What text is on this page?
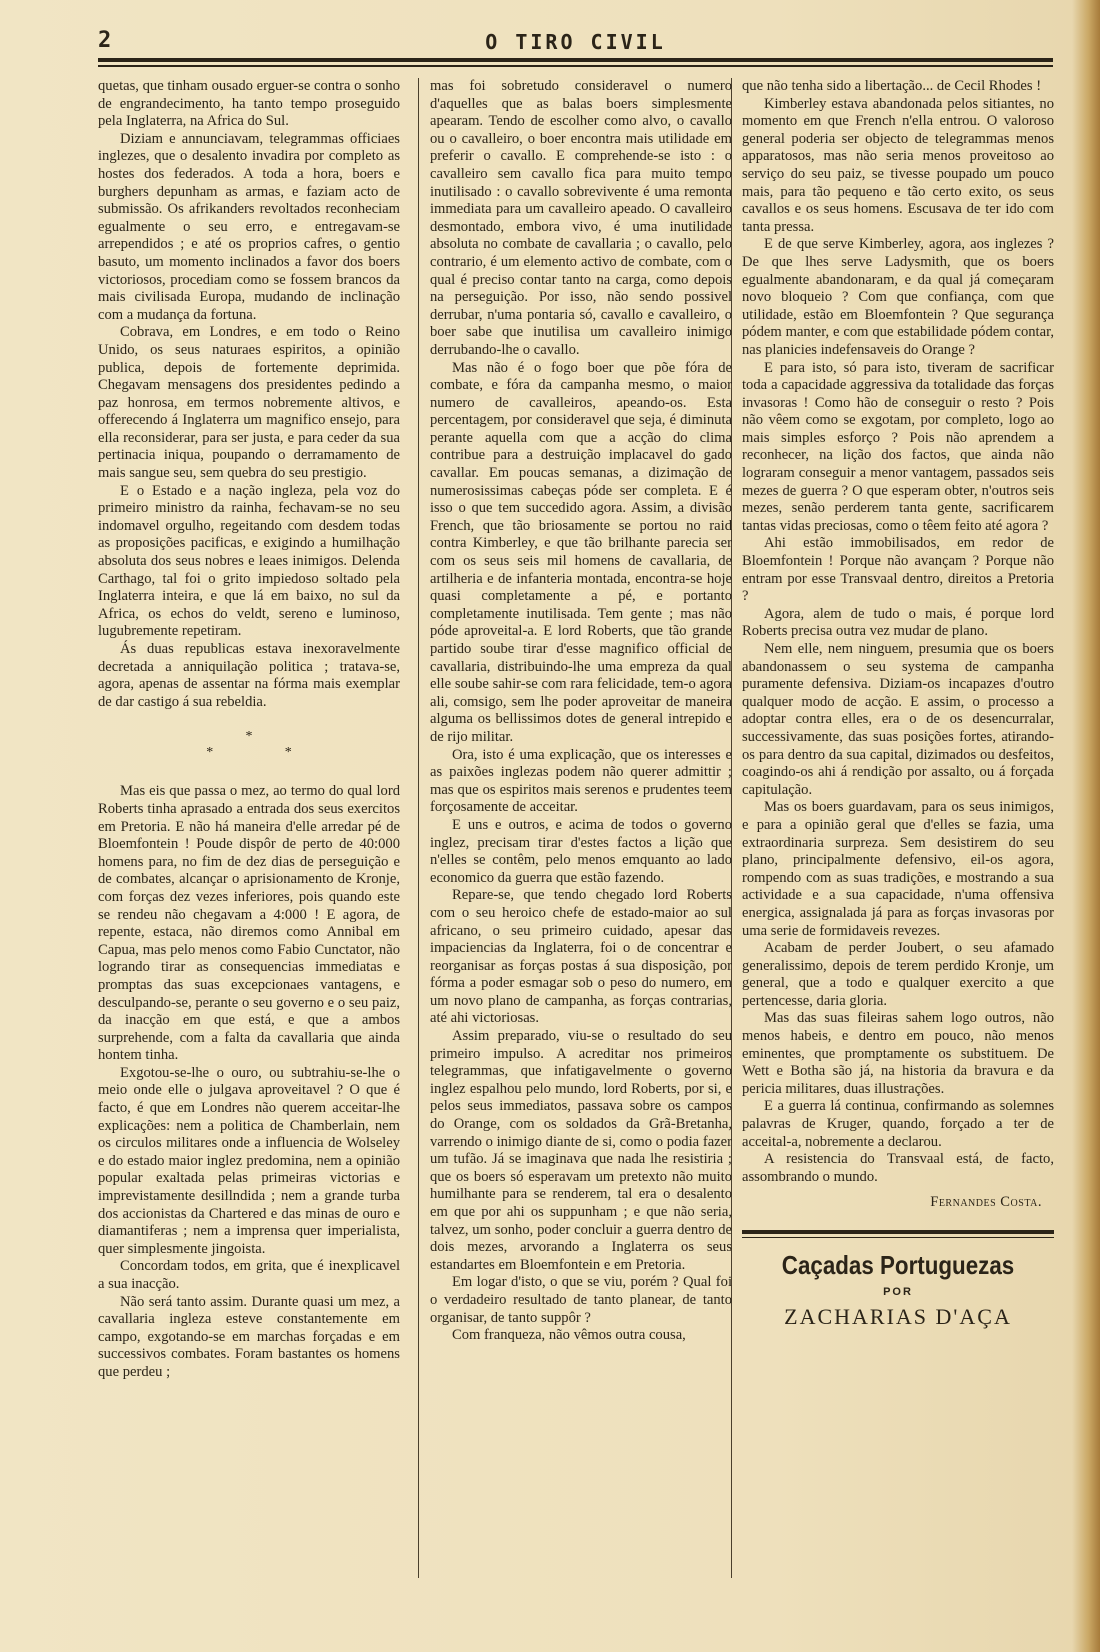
2	O TIRO CIVIL

quetas, que tinham ousado erguer-se contra o sonho de engrandecimento, ha tanto tempo proseguido pela Inglaterra, na Africa do Sul.

Diziam e annunciavam, telegrammas officiaes inglezes, que o desalento invadira por completo as hostes dos federados. A toda a hora, boers e burghers depunham as armas, e faziam acto de submissão. Os afrikanders revoltados reconheciam egualmente o seu erro, e entregavam-se arrependidos ; e até os proprios cafres, o gentio basuto, um momento inclinados a favor dos boers victoriosos, procediam como se fossem brancos da mais civilisada Europa, mudando de inclinação com a mudança da fortuna.

Cobrava, em Londres, e em todo o Reino Unido, os seus naturaes espiritos, a opinião publica, depois de fortemente deprimida. Chegavam mensagens dos presidentes pedindo a paz honrosa, em termos nobremente altivos, e offerecendo á Inglaterra um magnifico ensejo, para ella reconsiderar, para ser justa, e para ceder da sua pertinacia iniqua, poupando o derramamento de mais sangue seu, sem quebra do seu prestigio.

E o Estado e a nação ingleza, pela voz do primeiro ministro da rainha, fechavam-se no seu indomavel orgulho, regeitando com desdem todas as proposições pacificas, e exigindo a humilhação absoluta dos seus nobres e leaes inimigos. Delenda Carthago, tal foi o grito impiedoso soltado pela Inglaterra inteira, e que lá em baixo, no sul da Africa, os echos do veldt, sereno e luminoso, lugubremente repetiram.

Ás duas republicas estava inexoravelmente decretada a anniquilação politica ; tratava-se, agora, apenas de assentar na fórma mais exemplar de dar castigo á sua rebeldia.

*
* *

Mas eis que passa o mez, ao termo do qual lord Roberts tinha aprasado a entrada dos seus exercitos em Pretoria. E não há maneira d'elle arredar pé de Bloemfontein ! Poude dispôr de perto de 40:000 homens para, no fim de dez dias de perseguição e de combates, alcançar o aprisionamento de Kronje, com forças dez vezes inferiores, pois quando este se rendeu não chegavam a 4:000 ! E agora, de repente, estaca, não diremos como Annibal em Capua, mas pelo menos como Fabio Cunctator, não logrando tirar as consequencias immediatas e promptas das suas excepcionaes vantagens, e desculpando-se, perante o seu governo e o seu paiz, da inacção em que está, e que a ambos surprehende, com a falta da cavallaria que ainda hontem tinha.

Exgotou-se-lhe o ouro, ou subtrahiu-se-lhe o meio onde elle o julgava aproveitavel ? O que é facto, é que em Londres não querem acceitar-lhe explicações: nem a politica de Chamberlain, nem os circulos militares onde a influencia de Wolseley e do estado maior inglez predomina, nem a opinião popular exaltada pelas primeiras victorias e imprevistamente desillndida ; nem a grande turba dos accionistas da Chartered e das minas de ouro e diamantiferas ; nem a imprensa quer imperialista, quer simplesmente jingoista.

Concordam todos, em grita, que é inexplicavel a sua inacção.

Não será tanto assim. Durante quasi um mez, a cavallaria ingleza esteve constantemente em campo, exgotando-se em marchas forçadas e em successivos combates. Foram bastantes os homens que perdeu ;

mas foi sobretudo consideravel o numero d'aquelles que as balas boers simplesmente apearam. Tendo de escolher como alvo, o cavallo ou o cavalleiro, o boer encontra mais utilidade em preferir o cavallo. E comprehende-se isto : o cavalleiro sem cavallo fica para muito tempo inutilisado : o cavallo sobrevivente é uma remonta immediata para um cavalleiro apeado. O cavalleiro desmontado, embora vivo, é uma inutilidade absoluta no combate de cavallaria ; o cavallo, pelo contrario, é um elemento activo de combate, com o qual é preciso contar tanto na carga, como depois na perseguição. Por isso, não sendo possivel derrubar, n'uma pontaria só, cavallo e cavalleiro, o boer sabe que inutilisa um cavalleiro inimigo derrubando-lhe o cavallo.

Mas não é o fogo boer que põe fóra de combate, e fóra da campanha mesmo, o maior numero de cavalleiros, apeando-os. Esta percentagem, por consideravel que seja, é diminuta perante aquella com que a acção do clima contribue para a destruição implacavel do gado cavallar. Em poucas semanas, a dizimação de numerosissimas cabeças póde ser completa. E é isso o que tem succedido agora. Assim, a divisão French, que tão briosamente se portou no raid contra Kimberley, e que tão brilhante parecia ser com os seus seis mil homens de cavallaria, de artilheria e de infanteria montada, encontra-se hoje quasi completamente a pé, e portanto completamente inutilisada. Tem gente ; mas não póde aproveital-a. E lord Roberts, que tão grande partido soube tirar d'esse magnifico official de cavallaria, distribuindo-lhe uma empreza da qual elle soube sahir-se com rara felicidade, tem-o agora ali, comsigo, sem lhe poder aproveitar de maneira alguma os bellissimos dotes de general intrepido e de rijo militar.

Ora, isto é uma explicação, que os interesses e as paixões inglezas podem não querer admittir ; mas que os espiritos mais serenos e prudentes teem forçosamente de acceitar.

E uns e outros, e acima de todos o governo inglez, precisam tirar d'estes factos a lição que n'elles se contêm, pelo menos emquanto ao lado economico da guerra que estão fazendo.

Repare-se, que tendo chegado lord Roberts com o seu heroico chefe de estado-maior ao sul africano, o seu primeiro cuidado, apesar das impaciencias da Inglaterra, foi o de concentrar e reorganisar as forças postas á sua disposição, por fórma a poder esmagar sob o peso do numero, em um novo plano de campanha, as forças contrarias, até ahi victoriosas.

Assim preparado, viu-se o resultado do seu primeiro impulso. A acreditar nos primeiros telegrammas, que infatigavelmente o governo inglez espalhou pelo mundo, lord Roberts, por si, e pelos seus immediatos, passava sobre os campos do Orange, com os soldados da Grã-Bretanha, varrendo o inimigo diante de si, como o podia fazer um tufão. Já se imaginava que nada lhe resistiria ; que os boers só esperavam um pretexto não muito humilhante para se renderem, tal era o desalento em que por ahi os suppunham ; e que não seria, talvez, um sonho, poder concluir a guerra dentro de dois mezes, arvorando a Inglaterra os seus estandartes em Bloemfontein e em Pretoria.

Em logar d'isto, o que se viu, porém ? Qual foi o verdadeiro resultado de tanto planear, de tanto organisar, de tanto suppôr ?

Com franqueza, não vêmos outra cousa,

que não tenha sido a libertação... de Cecil Rhodes !

Kimberley estava abandonada pelos sitiantes, no momento em que French n'ella entrou. O valoroso general poderia ser objecto de telegrammas menos apparatosos, mas não seria menos proveitoso ao serviço do seu paiz, se tivesse poupado um pouco mais, para tão pequeno e tão certo exito, os seus cavallos e os seus homens. Escusava de ter ido com tanta pressa.

E de que serve Kimberley, agora, aos inglezes ? De que lhes serve Ladysmith, que os boers egualmente abandonaram, e da qual já começaram novo bloqueio ? Com que confiança, com que utilidade, estão em Bloemfontein ? Que segurança pódem manter, e com que estabilidade pódem contar, nas planicies indefensaveis do Orange ?

E para isto, só para isto, tiveram de sacrificar toda a capacidade aggressiva da totalidade das forças invasoras ! Como hão de conseguir o resto ? Pois não vêem como se exgotam, por completo, logo ao mais simples esforço ? Pois não aprendem a reconhecer, na lição dos factos, que ainda não lograram conseguir a menor vantagem, passados seis mezes de guerra ? O que esperam obter, n'outros seis mezes, senão perderem tanta gente, sacrificarem tantas vidas preciosas, como o têem feito até agora ?

Ahi estão immobilisados, em redor de Bloemfontein ! Porque não avançam ? Porque não entram por esse Transvaal dentro, direitos a Pretoria ?

Agora, alem de tudo o mais, é porque lord Roberts precisa outra vez mudar de plano.

Nem elle, nem ninguem, presumia que os boers abandonassem o seu systema de campanha puramente defensiva. Diziam-os incapazes d'outro qualquer modo de acção. E assim, o processo a adoptar contra elles, era o de os desencurralar, successivamente, das suas posições fortes, atirando-os para dentro da sua capital, dizimados ou desfeitos, coagindo-os ahi á rendição por assalto, ou á forçada capitulação.

Mas os boers guardavam, para os seus inimigos, e para a opinião geral que d'elles se fazia, uma extraordinaria surpreza. Sem desistirem do seu plano, principalmente defensivo, eil-os agora, rompendo com as suas tradições, e mostrando a sua actividade e a sua capacidade, n'uma offensiva energica, assignalada já para as forças invasoras por uma serie de formidaveis revezes.

Acabam de perder Joubert, o seu afamado generalissimo, depois de terem perdido Kronje, um general, que a todo e qualquer exercito a que pertencesse, daria gloria.

Mas das suas fileiras sahem logo outros, não menos habeis, e dentro em pouco, não menos eminentes, que promptamente os substituem. De Wett e Botha são já, na historia da bravura e da pericia militares, duas illustrações.

E a guerra lá continua, confirmando as solemnes palavras de Kruger, quando, forçado a ter de acceital-a, nobremente a declarou.

A resistencia do Transvaal está, de facto, assombrando o mundo.

Fernandes Costa.
Caçadas Portuguezas
POR
ZACHARIAS D'AÇA
